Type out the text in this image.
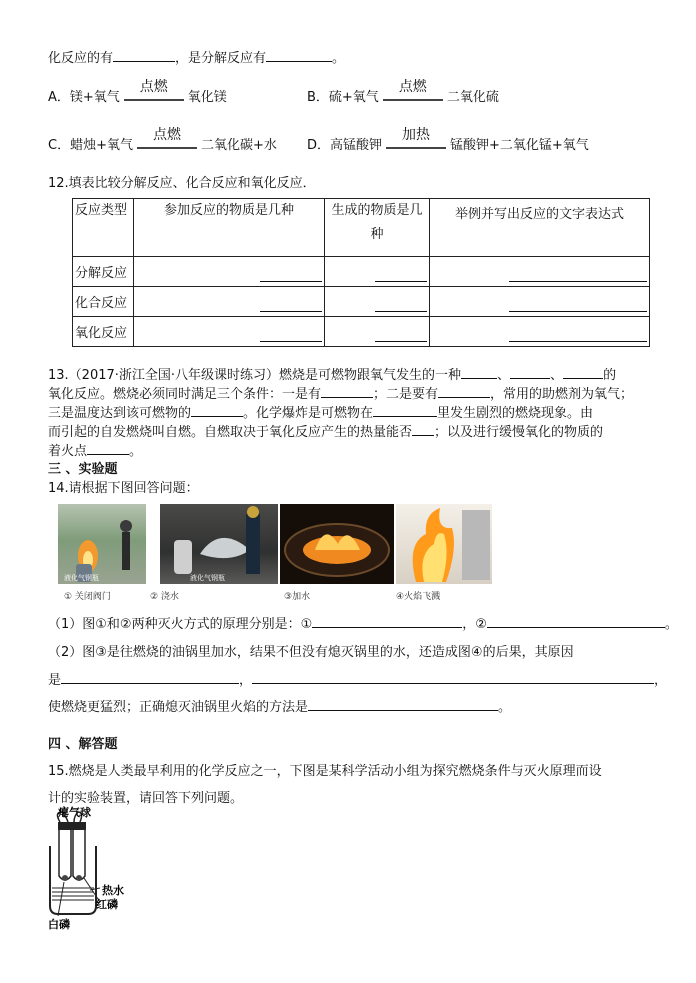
化反应的有	，是分解反应有	。
A．镁+氧气
点燃
氧化镁	B．硫+氧气
点燃
二氧化硫
C．蜡烛+氧气
点燃
二氧化碳+水 D．高锰酸钾
加热
锰酸钾+二氧化锰+氧气
12.填表比较分解反应、化合反应和氧化反应．
反应类型	参加反应的物质是几种	生成的物质是几种	举例并写出反应的文字表达式
分解反应			
化合反应			
氧化反应			
13.（2017·浙江全国·八年级课时练习）燃烧是可燃物跟氧气发生的一种	、	、	的
氧化反应。燃烧必须同时满足三个条件：一是有	；二是要有	，常用的助燃剂为氧气；
三是温度达到该可燃物的	。化学爆炸是可燃物在	里发生剧烈的燃烧现象。由
而引起的自发燃烧叫自燃。自燃取决于氧化反应产生的热量能否 ；以及进行缓慢氧化的物质的
着火点	。
三 、实验题
14.请根据下图回答问题：
液化气钢瓶	液化气钢瓶
① 关闭阀门	② 浇水	③加水	④火焰飞溅
（1）图①和②两种灭火方式的原理分别是：①	，②	。
（2）图③是往燃烧的油锅里加水，结果不但没有熄灭锅里的水，还造成图④的后果，其原因
是	，	，
使燃烧更猛烈；正确熄灭油锅里火焰的方法是	。
四 、解答题
15.燃烧是人类最早利用的化学反应之一，下图是某科学活动小组为探究燃烧条件与灭火原理而设
计的实验装置，请回答下列问题。
瘪气球
热水
红磷
白磷
